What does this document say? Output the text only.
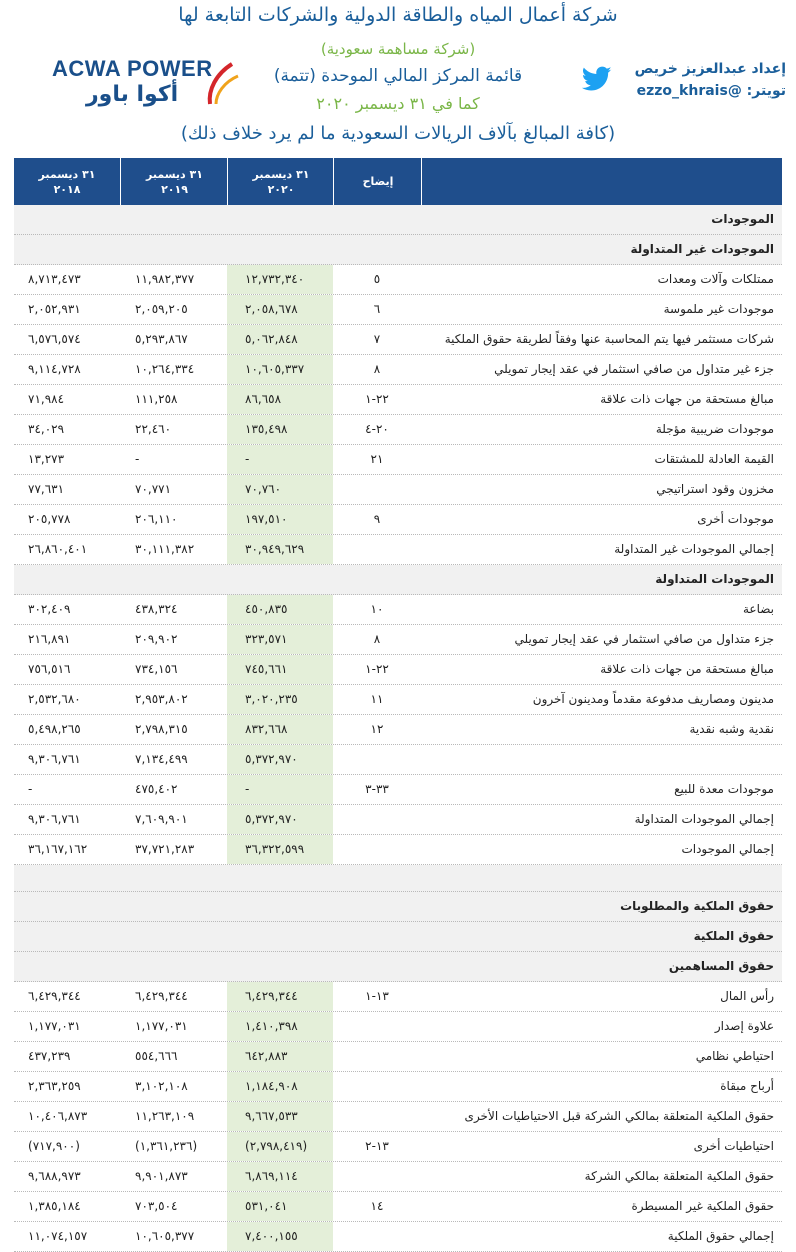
شركة أعمال المياه والطاقة الدولية والشركات التابعة لها
(شركة مساهمة سعودية)
قائمة المركز المالي الموحدة (تتمة)
كما في ٣١ ديسمبر ٢٠٢٠
(كافة المبالغ بآلاف الريالات السعودية ما لم يرد خلاف ذلك)
ACWA POWER
أكوا باور
إعداد عبدالعزيز خريص
تويتر: @ezzo_khrais
٣١ ديسمبر
٢٠١٨
٣١ ديسمبر
٢٠١٩
٣١ ديسمبر
٢٠٢٠
إيضاح
الموجودات
الموجودات غير المتداولة
ممتلكات وآلات ومعدات
٥
١٢,٧٣٢,٣٤٠
١١,٩٨٢,٣٧٧
٨,٧١٣,٤٧٣
موجودات غير ملموسة
٦
٢,٠٥٨,٦٧٨
٢,٠٥٩,٢٠٥
٢,٠٥٢,٩٣١
شركات مستثمر فيها يتم المحاسبة عنها وفقاً لطريقة حقوق الملكية
٧
٥,٠٦٢,٨٤٨
٥,٢٩٣,٨٦٧
٦,٥٧٦,٥٧٤
جزء غير متداول من صافي استثمار في عقد إيجار تمويلي
٨
١٠,٦٠٥,٣٣٧
١٠,٢٦٤,٣٣٤
٩,١١٤,٧٢٨
مبالغ مستحقة من جهات ذات علاقة
٢٢-١
٨٦,٦٥٨
١١١,٢٥٨
٧١,٩٨٤
موجودات ضريبية مؤجلة
٢٠-٤
١٣٥,٤٩٨
٢٢,٤٦٠
٣٤,٠٢٩
القيمة العادلة للمشتقات
٢١
-
-
١٣,٢٧٣
مخزون وقود استراتيجي
٧٠,٧٦٠
٧٠,٧٧١
٧٧,٦٣١
موجودات أخرى
٩
١٩٧,٥١٠
٢٠٦,١١٠
٢٠٥,٧٧٨
إجمالي الموجودات غير المتداولة
٣٠,٩٤٩,٦٢٩
٣٠,١١١,٣٨٢
٢٦,٨٦٠,٤٠١
الموجودات المتداولة
بضاعة
١٠
٤٥٠,٨٣٥
٤٣٨,٣٢٤
٣٠٢,٤٠٩
جزء متداول من صافي استثمار في عقد إيجار تمويلي
٨
٣٢٣,٥٧١
٢٠٩,٩٠٢
٢١٦,٨٩١
مبالغ مستحقة من جهات ذات علاقة
٢٢-١
٧٤٥,٦٦١
٧٣٤,١٥٦
٧٥٦,٥١٦
مدينون ومصاريف مدفوعة مقدماً ومدينون آخرون
١١
٣,٠٢٠,٢٣٥
٢,٩٥٣,٨٠٢
٢,٥٣٢,٦٨٠
نقدية وشبه نقدية
١٢
٨٣٢,٦٦٨
٢,٧٩٨,٣١٥
٥,٤٩٨,٢٦٥
٥,٣٧٢,٩٧٠
٧,١٣٤,٤٩٩
٩,٣٠٦,٧٦١
موجودات معدة للبيع
٣٣-٣
-
٤٧٥,٤٠٢
-
إجمالي الموجودات المتداولة
٥,٣٧٢,٩٧٠
٧,٦٠٩,٩٠١
٩,٣٠٦,٧٦١
إجمالي الموجودات
٣٦,٣٢٢,٥٩٩
٣٧,٧٢١,٢٨٣
٣٦,١٦٧,١٦٢
حقوق الملكية والمطلوبات
حقوق الملكية
حقوق المساهمين
رأس المال
١٣-١
٦,٤٢٩,٣٤٤
٦,٤٢٩,٣٤٤
٦,٤٢٩,٣٤٤
علاوة إصدار
١,٤١٠,٣٩٨
١,١٧٧,٠٣١
١,١٧٧,٠٣١
احتياطي نظامي
٦٤٢,٨٨٣
٥٥٤,٦٦٦
٤٣٧,٢٣٩
أرباح مبقاة
١,١٨٤,٩٠٨
٣,١٠٢,١٠٨
٢,٣٦٣,٢٥٩
حقوق الملكية المتعلقة بمالكي الشركة قبل الاحتياطيات الأخرى
٩,٦٦٧,٥٣٣
١١,٢٦٣,١٠٩
١٠,٤٠٦,٨٧٣
احتياطيات أخرى
١٣-٢
(٢,٧٩٨,٤١٩)
(١,٣٦١,٢٣٦)
(٧١٧,٩٠٠)
حقوق الملكية المتعلقة بمالكي الشركة
٦,٨٦٩,١١٤
٩,٩٠١,٨٧٣
٩,٦٨٨,٩٧٣
حقوق الملكية غير المسيطرة
١٤
٥٣١,٠٤١
٧٠٣,٥٠٤
١,٣٨٥,١٨٤
إجمالي حقوق الملكية
٧,٤٠٠,١٥٥
١٠,٦٠٥,٣٧٧
١١,٠٧٤,١٥٧
